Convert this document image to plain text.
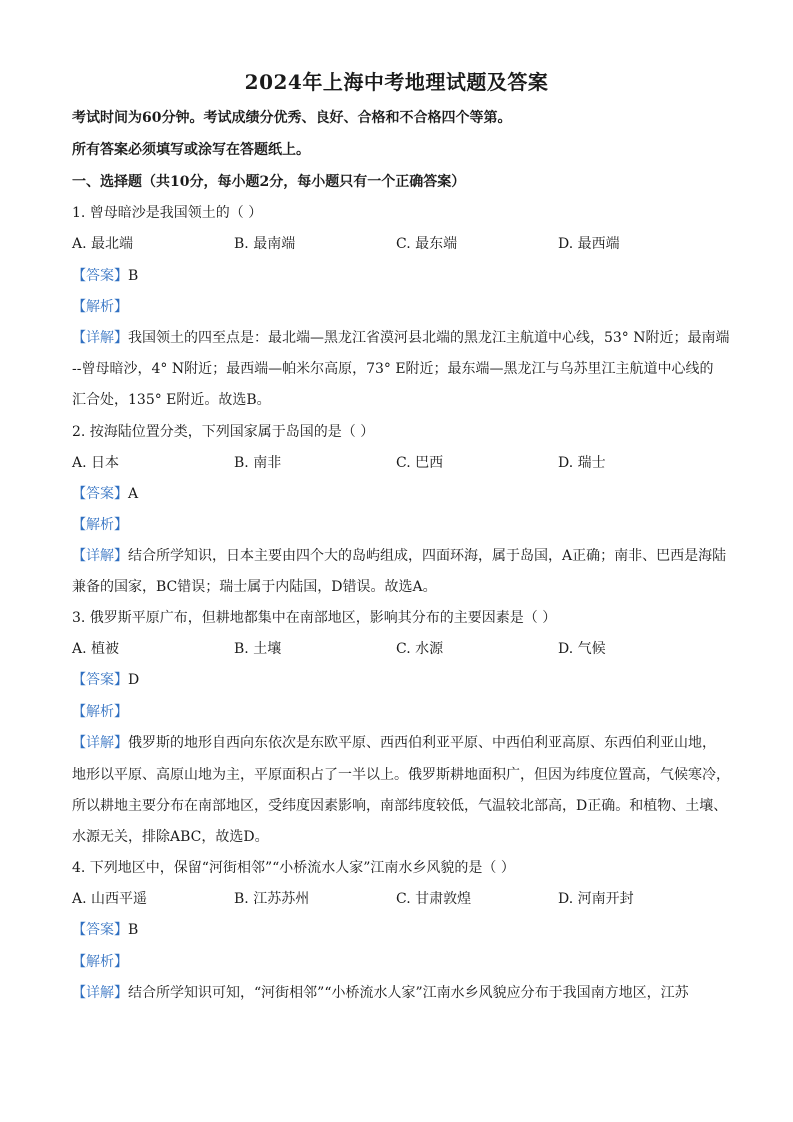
2024年上海中考地理试题及答案
考试时间为60分钟。考试成绩分优秀、良好、合格和不合格四个等第。
所有答案必须填写或涂写在答题纸上。
一、选择题（共10分，每小题2分，每小题只有一个正确答案）
1. 曾母暗沙是我国领土的（ ）
A. 最北端	B. 最南端	C. 最东端	D. 最西端
【答案】B
【解析】
【详解】我国领土的四至点是：最北端—黑龙江省漠河县北端的黑龙江主航道中心线，53° N附近；最南端
--曾母暗沙，4° N附近；最西端—帕米尔高原，73° E附近；最东端—黑龙江与乌苏里江主航道中心线的
汇合处，135° E附近。故选B。
2. 按海陆位置分类，下列国家属于岛国的是（ ）
A. 日本	B. 南非	C. 巴西	D. 瑞士
【答案】A
【解析】
【详解】结合所学知识，日本主要由四个大的岛屿组成，四面环海，属于岛国，A正确；南非、巴西是海陆
兼备的国家，BC错误；瑞士属于内陆国，D错误。故选A。
3. 俄罗斯平原广布，但耕地都集中在南部地区，影响其分布的主要因素是（ ）
A. 植被	B. 土壤	C. 水源	D. 气候
【答案】D
【解析】
【详解】俄罗斯的地形自西向东依次是东欧平原、西西伯利亚平原、中西伯利亚高原、东西伯利亚山地，
地形以平原、高原山地为主，平原面积占了一半以上。俄罗斯耕地面积广，但因为纬度位置高，气候寒冷，
所以耕地主要分布在南部地区，受纬度因素影响，南部纬度较低，气温较北部高，D正确。和植物、土壤、
水源无关，排除ABC，故选D。
4. 下列地区中，保留“河街相邻”“小桥流水人家”江南水乡风貌的是（ ）
A. 山西平遥	B. 江苏苏州	C. 甘肃敦煌	D. 河南开封
【答案】B
【解析】
【详解】结合所学知识可知，“河街相邻”“小桥流水人家”江南水乡风貌应分布于我国南方地区，江苏
